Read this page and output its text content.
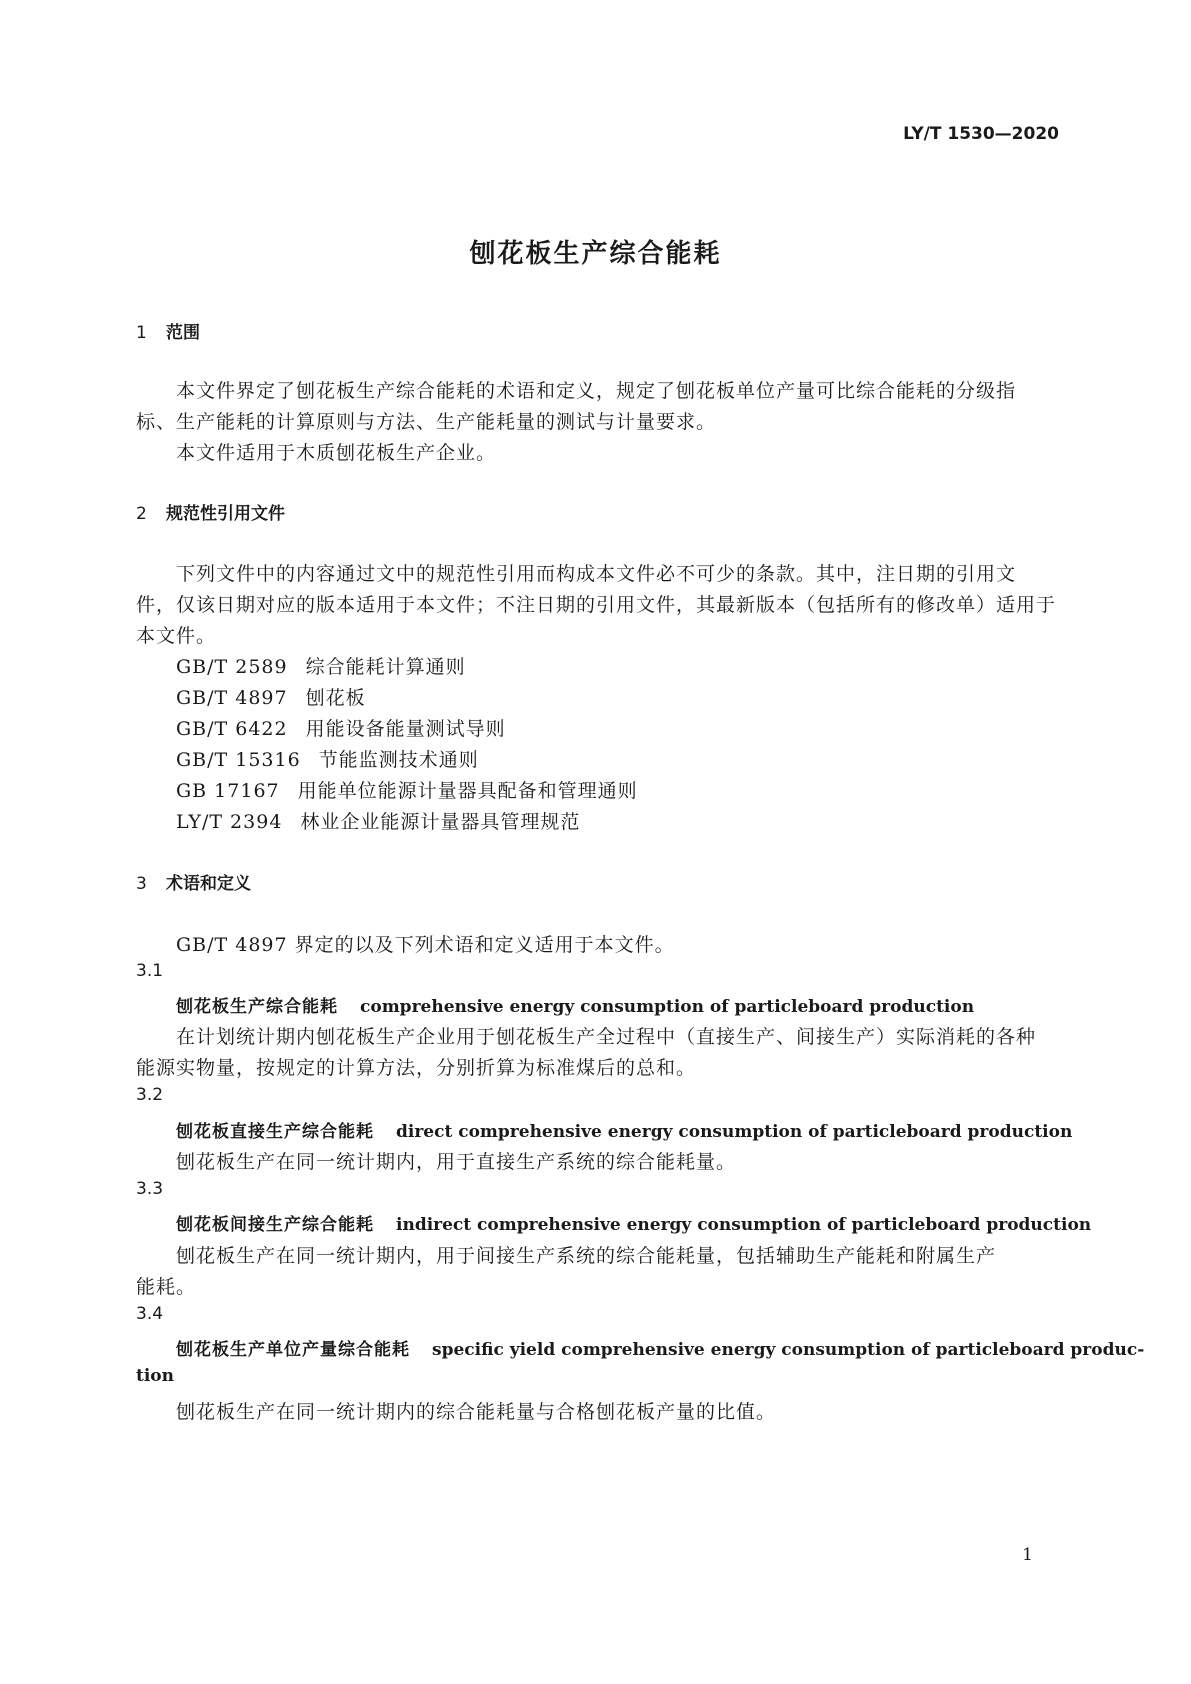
LY/T 1530—2020
刨花板生产综合能耗
1 范围
本文件界定了刨花板生产综合能耗的术语和定义，规定了刨花板单位产量可比综合能耗的分级指
标、生产能耗的计算原则与方法、生产能耗量的测试与计量要求。
本文件适用于木质刨花板生产企业。
2 规范性引用文件
下列文件中的内容通过文中的规范性引用而构成本文件必不可少的条款。其中，注日期的引用文
件，仅该日期对应的版本适用于本文件；不注日期的引用文件，其最新版本（包括所有的修改单）适用于
本文件。
GB/T 2589 综合能耗计算通则
GB/T 4897 刨花板
GB/T 6422 用能设备能量测试导则
GB/T 15316 节能监测技术通则
GB 17167 用能单位能源计量器具配备和管理通则
LY/T 2394 林业企业能源计量器具管理规范
3 术语和定义
GB/T 4897 界定的以及下列术语和定义适用于本文件。
3.1
刨花板生产综合能耗 comprehensive energy consumption of particleboard production
在计划统计期内刨花板生产企业用于刨花板生产全过程中（直接生产、间接生产）实际消耗的各种
能源实物量，按规定的计算方法，分别折算为标准煤后的总和。
3.2
刨花板直接生产综合能耗 direct comprehensive energy consumption of particleboard production
刨花板生产在同一统计期内，用于直接生产系统的综合能耗量。
3.3
刨花板间接生产综合能耗 indirect comprehensive energy consumption of particleboard production
刨花板生产在同一统计期内，用于间接生产系统的综合能耗量，包括辅助生产能耗和附属生产
能耗。
3.4
刨花板生产单位产量综合能耗 specific yield comprehensive energy consumption of particleboard produc-
tion
刨花板生产在同一统计期内的综合能耗量与合格刨花板产量的比值。
1
